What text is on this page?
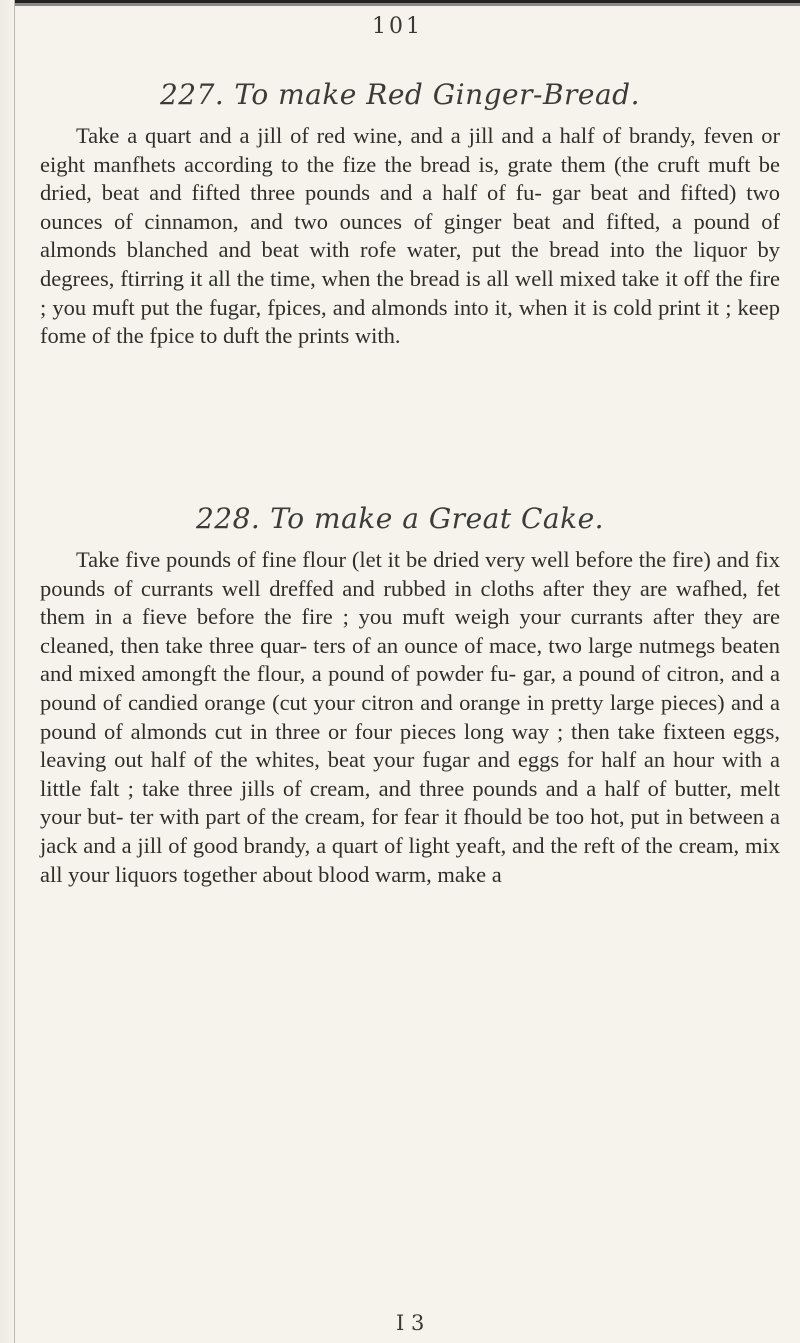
101
227. To make Red Ginger-Bread.

Take a quart and a jill of red wine, and a jill and a half of brandy, feven or eight manfhets according to the fize the bread is, grate them (the cruft muft be dried, beat and fifted three pounds and a half of fu- gar beat and fifted) two ounces of cinnamon, and two ounces of ginger beat and fifted, a pound of almonds blanched and beat with rofe water, put the bread into the liquor by degrees, ftirring it all the time, when the bread is all well mixed take it off the fire ; you muft put the fugar, fpices, and almonds into it, when it is cold print it ; keep fome of the fpice to duft the prints with.

228. To make a Great Cake.

Take five pounds of fine flour (let it be dried very well before the fire) and fix pounds of currants well dreffed and rubbed in cloths after they are wafhed, fet them in a fieve before the fire ; you muft weigh your currants after they are cleaned, then take three quar- ters of an ounce of mace, two large nutmegs beaten and mixed amongft the flour, a pound of powder fu- gar, a pound of citron, and a pound of candied orange (cut your citron and orange in pretty large pieces) and a pound of almonds cut in three or four pieces long way ; then take fixteen eggs, leaving out half of the whites, beat your fugar and eggs for half an hour with a little falt ; take three jills of cream, and three pounds and a half of butter, melt your but- ter with part of the cream, for fear it fhould be too hot, put in between a jack and a jill of good brandy, a quart of light yeaft, and the reft of the cream, mix all your liquors together about blood warm, make a

I 3
